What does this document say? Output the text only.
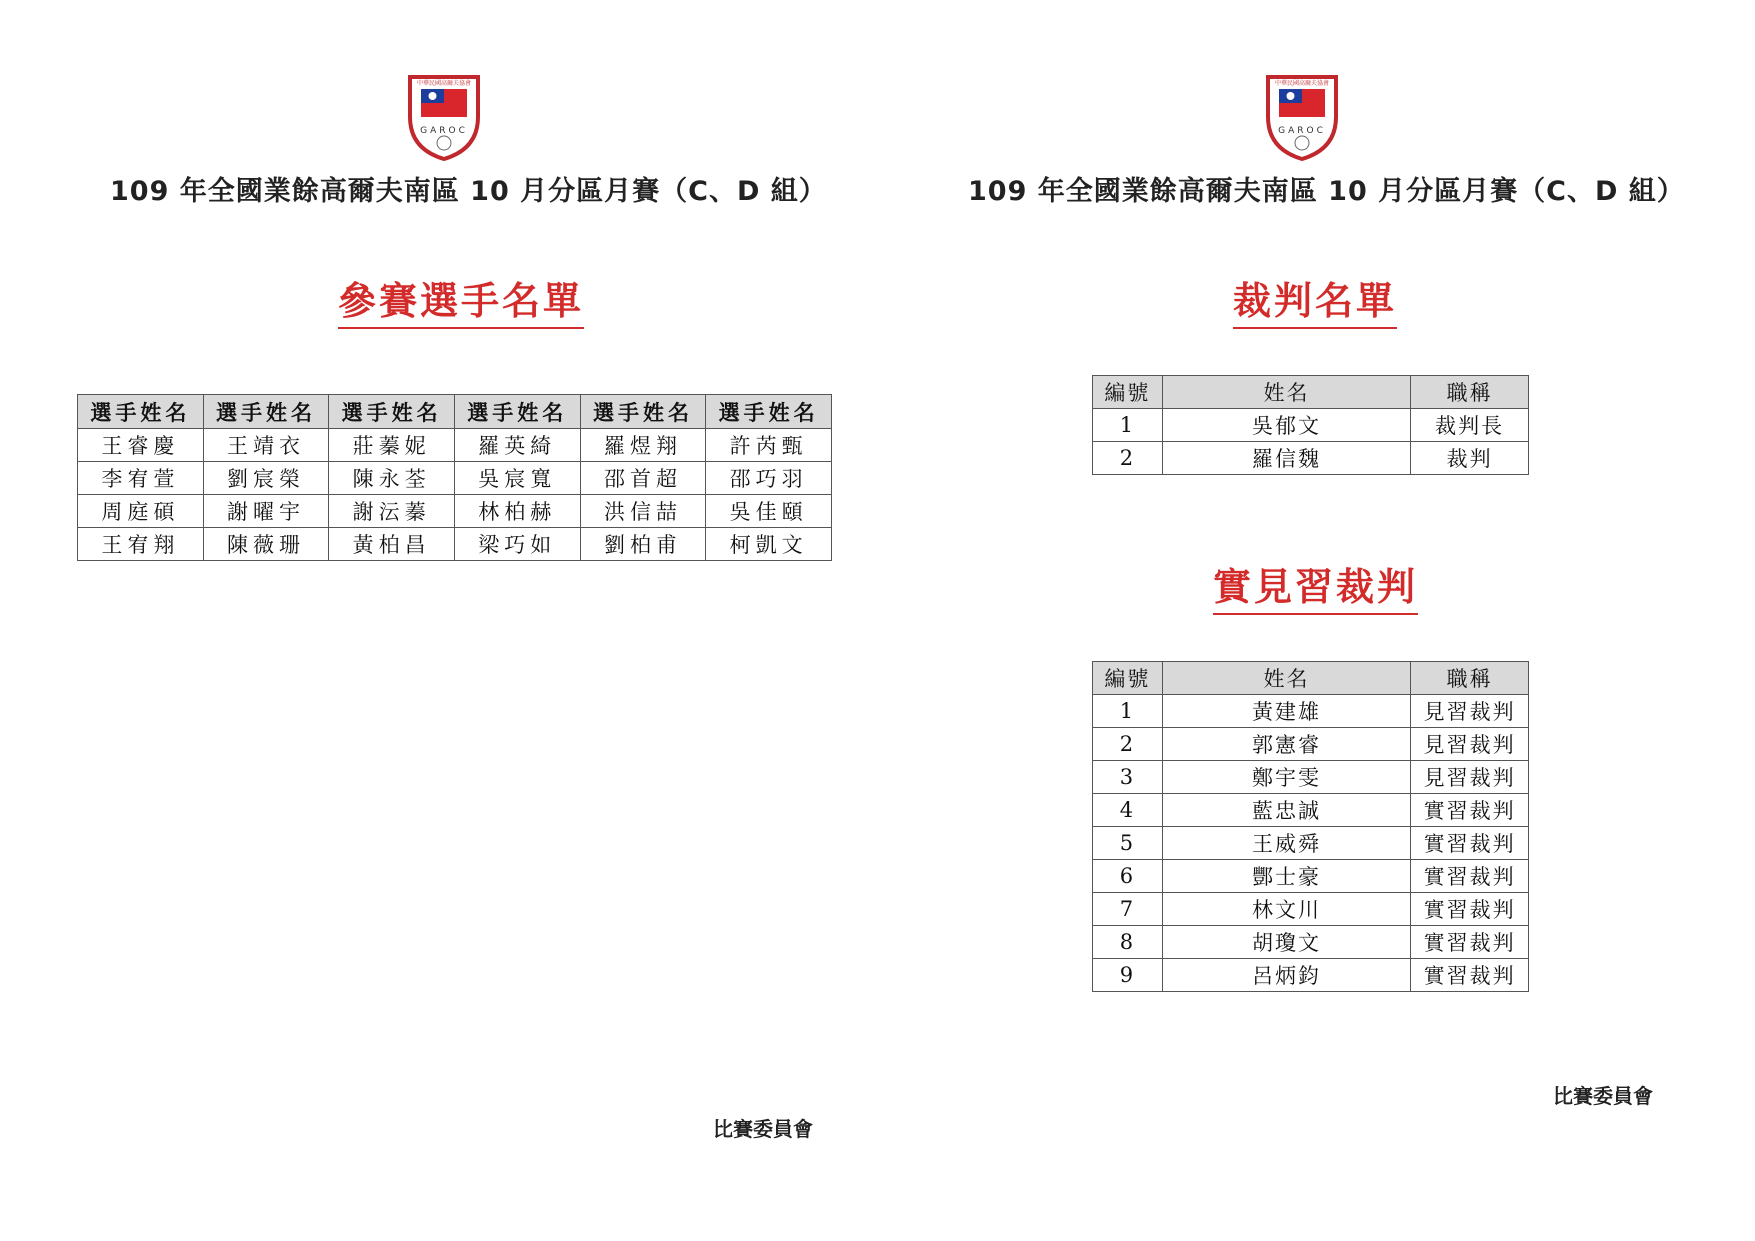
中華民國高爾夫協會
GAROC
中華民國高爾夫協會
GAROC
109 年全國業餘高爾夫南區 10 月分區月賽（C、D 組）
參賽選手名單
選手姓名	選手姓名	選手姓名	選手姓名	選手姓名	選手姓名
王睿慶	王靖衣	莊蓁妮	羅英綺	羅煜翔	許芮甄
李宥萱	劉宸榮	陳永荃	吳宸寬	邵首超	邵巧羽
周庭碩	謝曜宇	謝沄蓁	林柏赫	洪信喆	吳佳頤
王宥翔	陳薇珊	黃柏昌	梁巧如	劉柏甫	柯凱文
比賽委員會
109 年全國業餘高爾夫南區 10 月分區月賽（C、D 組）
裁判名單
編號	姓名	職稱
1	吳郁文	裁判長
2	羅信魏	裁判
實見習裁判
編號	姓名	職稱
1	黃建雄	見習裁判
2	郭憲睿	見習裁判
3	鄭宇雯	見習裁判
4	藍忠誠	實習裁判
5	王威舜	實習裁判
6	酆士豪	實習裁判
7	林文川	實習裁判
8	胡瓊文	實習裁判
9	呂炳鈞	實習裁判
比賽委員會
